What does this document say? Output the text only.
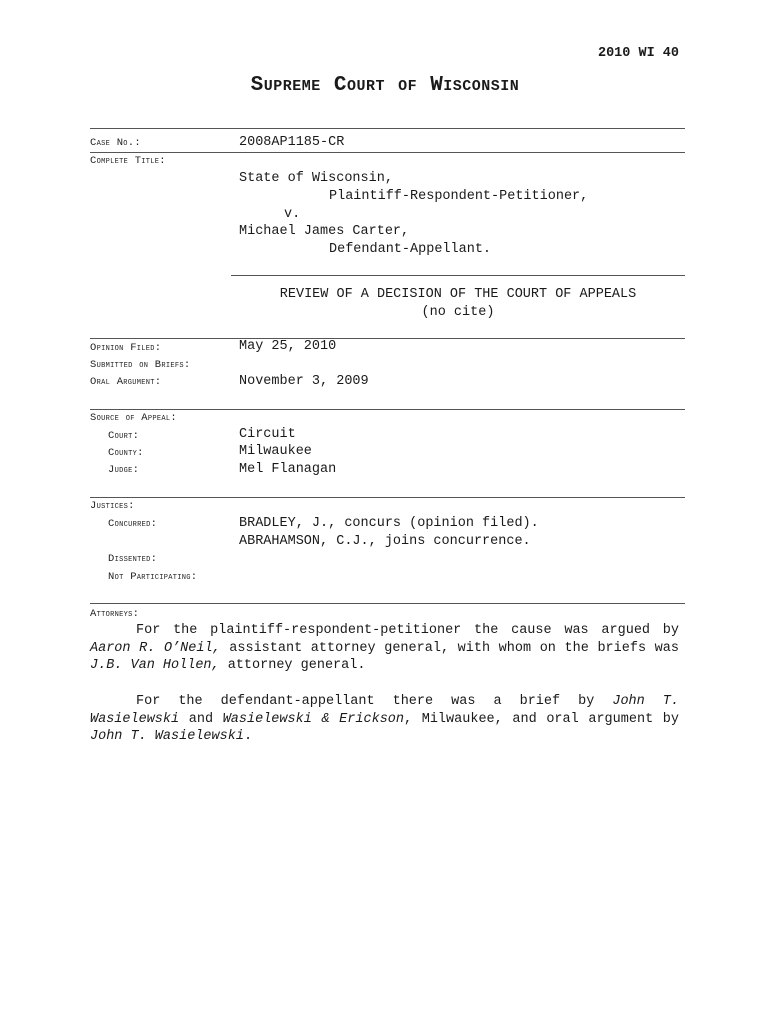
2010 WI 40
Supreme Court of Wisconsin
Case No.:	2008AP1185-CR
Complete Title:
State of Wisconsin,
Plaintiff-Respondent-Petitioner,
v.
Michael James Carter,
Defendant-Appellant.
REVIEW OF A DECISION OF THE COURT OF APPEALS
(no cite)
Opinion Filed:	May 25, 2010
Submitted on Briefs:
Oral Argument:	November 3, 2009
Source of Appeal:
Court:	Circuit
County:	Milwaukee
Judge:	Mel Flanagan
Justices:
Concurred:	BRADLEY, J., concurs (opinion filed).
ABRAHAMSON, C.J., joins concurrence.
Dissented:
Not Participating:
Attorneys:
For the plaintiff-respondent-petitioner the cause was argued by Aaron R. O’Neil, assistant attorney general, with whom on the briefs was J.B. Van Hollen, attorney general.
For the defendant-appellant there was a brief by John T. Wasielewski and Wasielewski & Erickson, Milwaukee, and oral argument by John T. Wasielewski.
